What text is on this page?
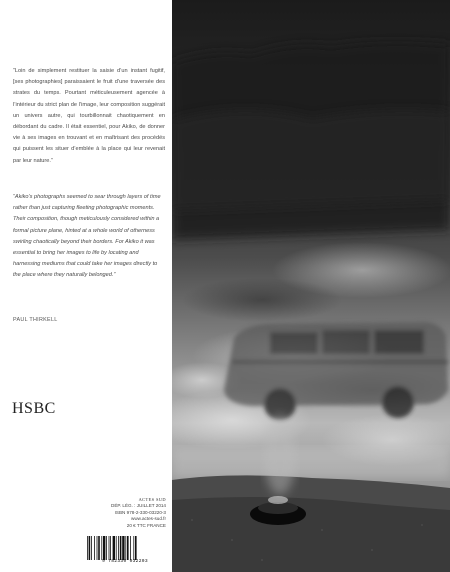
“Loin de simplement restituer la saisie d’un instant fugitif, [ses photographies] paraissaient le fruit d’une traversée des strates du temps. Pourtant méticuleusement agencée à l’intérieur du strict plan de l’image, leur composition suggérait un univers autre, qui tourbillonnait chaotiquement en débordant du cadre. Il était essentiel, pour Akiko, de donner vie à ses images en trouvant et en maîtrisant des procédés qui puissent les situer d’emblée à la place qui leur revenait par leur nature.”

“Akiko’s photographs seemed to sear through layers of time rather than just capturing fleeting photographic moments. Their composition, though meticulously considered within a formal picture plane, hinted at a whole world of otherness swirling chaotically beyond their borders. For Akiko it was essential to bring her images to life by locating and harnessing mediums that could take her images directly to the place where they naturally belonged.”

PAUL THIRKELL
HSBC
ACTES SUD
DÉP. LÉG. : JUILLET 2014
ISBN 978-2-330-03220-3
www.actes-sud.fr
20 € TTC FRANCE
9 782330 032203
